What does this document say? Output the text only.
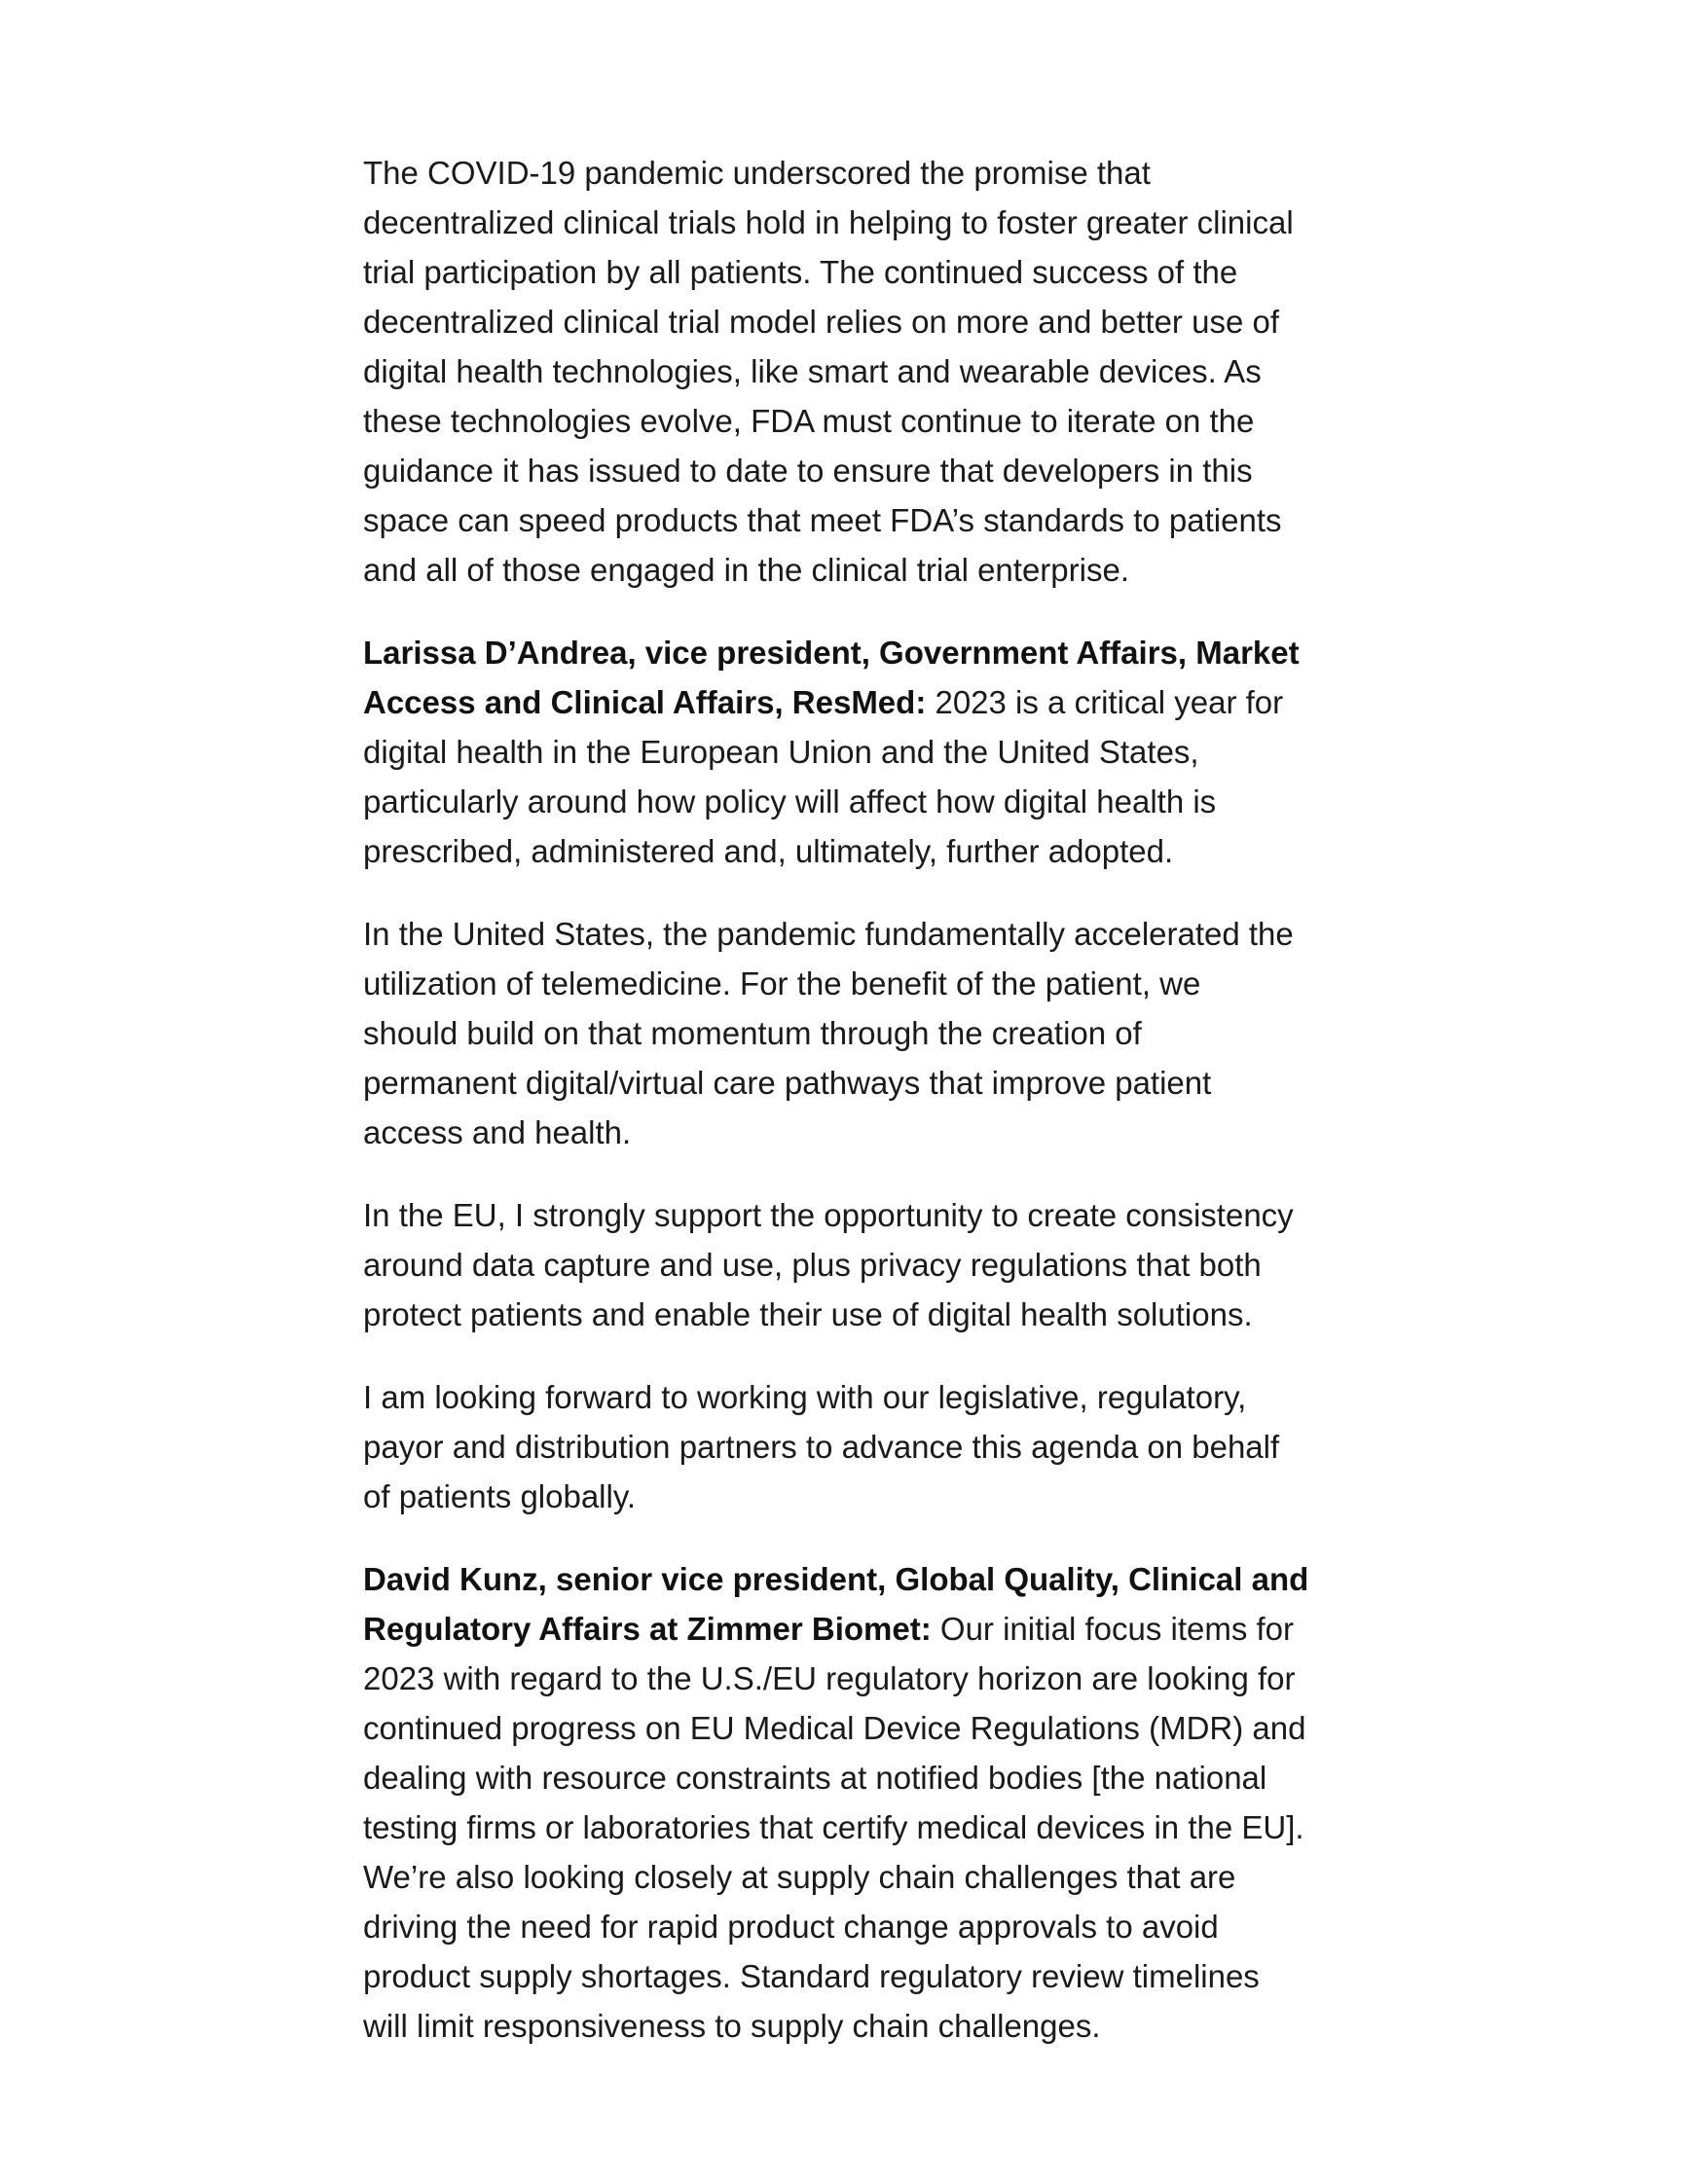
The COVID-19 pandemic underscored the promise that
decentralized clinical trials hold in helping to foster greater clinical
trial participation by all patients. The continued success of the
decentralized clinical trial model relies on more and better use of
digital health technologies, like smart and wearable devices. As
these technologies evolve, FDA must continue to iterate on the
guidance it has issued to date to ensure that developers in this
space can speed products that meet FDA’s standards to patients
and all of those engaged in the clinical trial enterprise.

Larissa D’Andrea, vice president, Government Affairs, Market
Access and Clinical Affairs, ResMed: 2023 is a critical year for
digital health in the European Union and the United States,
particularly around how policy will affect how digital health is
prescribed, administered and, ultimately, further adopted.

In the United States, the pandemic fundamentally accelerated the
utilization of telemedicine. For the benefit of the patient, we
should build on that momentum through the creation of
permanent digital/virtual care pathways that improve patient
access and health.

In the EU, I strongly support the opportunity to create consistency
around data capture and use, plus privacy regulations that both
protect patients and enable their use of digital health solutions.

I am looking forward to working with our legislative, regulatory,
payor and distribution partners to advance this agenda on behalf
of patients globally.

David Kunz, senior vice president, Global Quality, Clinical and
Regulatory Affairs at Zimmer Biomet: Our initial focus items for
2023 with regard to the U.S./EU regulatory horizon are looking for
continued progress on EU Medical Device Regulations (MDR) and
dealing with resource constraints at notified bodies [the national
testing firms or laboratories that certify medical devices in the EU].
We’re also looking closely at supply chain challenges that are
driving the need for rapid product change approvals to avoid
product supply shortages. Standard regulatory review timelines
will limit responsiveness to supply chain challenges.
